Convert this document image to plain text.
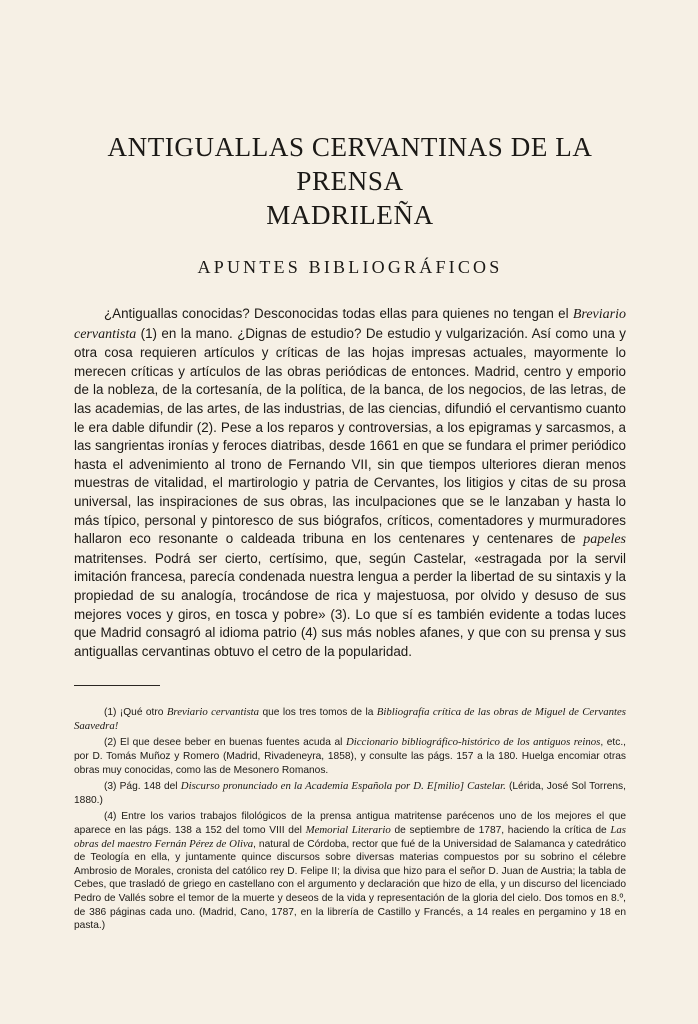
ANTIGUALLAS CERVANTINAS DE LA PRENSA
MADRILEÑA
APUNTES BIBLIOGRÁFICOS

¿Antiguallas conocidas? Desconocidas todas ellas para quienes no tengan el Breviario cervantista (1) en la mano. ¿Dignas de estudio? De estudio y vulgarización. Así como una y otra cosa requieren artículos y críticas de las hojas impresas actuales, mayormente lo merecen críticas y artículos de las obras periódicas de entonces. Madrid, centro y emporio de la nobleza, de la cortesanía, de la política, de la banca, de los negocios, de las letras, de las academias, de las artes, de las industrias, de las ciencias, difundió el cervantismo cuanto le era dable difundir (2). Pese a los reparos y controversias, a los epigramas y sarcasmos, a las sangrientas ironías y feroces diatribas, desde 1661 en que se fundara el primer periódico hasta el advenimiento al trono de Fernando VII, sin que tiempos ulteriores dieran menos muestras de vitalidad, el martirologio y patria de Cervantes, los litigios y citas de su prosa universal, las inspiraciones de sus obras, las inculpaciones que se le lanzaban y hasta lo más típico, personal y pintoresco de sus biógrafos, críticos, comentadores y murmuradores hallaron eco resonante o caldeada tribuna en los centenares y centenares de papeles matritenses. Podrá ser cierto, certísimo, que, según Castelar, «estragada por la servil imitación francesa, parecía condenada nuestra lengua a perder la libertad de su sintaxis y la propiedad de su analogía, trocándose de rica y majestuosa, por olvido y desuso de sus mejores voces y giros, en tosca y pobre» (3). Lo que sí es también evidente a todas luces que Madrid consagró al idioma patrio (4) sus más nobles afanes, y que con su prensa y sus antiguallas cervantinas obtuvo el cetro de la popularidad.

(1) ¡Qué otro Breviario cervantista que los tres tomos de la Bibliografía crítica de las obras de Miguel de Cervantes Saavedra!

(2) El que desee beber en buenas fuentes acuda al Diccionario bibliográfico-histórico de los antiguos reinos, etc., por D. Tomás Muñoz y Romero (Madrid, Rivadeneyra, 1858), y consulte las págs. 157 a la 180. Huelga encomiar otras obras muy conocidas, como las de Mesonero Romanos.

(3) Pág. 148 del Discurso pronunciado en la Academia Española por D. E[milio] Castelar. (Lérida, José Sol Torrens, 1880.)

(4) Entre los varios trabajos filológicos de la prensa antigua matritense parécenos uno de los mejores el que aparece en las págs. 138 a 152 del tomo VIII del Memorial Literario de septiembre de 1787, haciendo la crítica de Las obras del maestro Fernán Pérez de Oliva, natural de Córdoba, rector que fué de la Universidad de Salamanca y catedrático de Teología en ella, y juntamente quince discursos sobre diversas materias compuestos por su sobrino el célebre Ambrosio de Morales, cronista del católico rey D. Felipe II; la divisa que hizo para el señor D. Juan de Austria; la tabla de Cebes, que trasladó de griego en castellano con el argumento y declaración que hizo de ella, y un discurso del licenciado Pedro de Vallés sobre el temor de la muerte y deseos de la vida y representación de la gloria del cielo. Dos tomos en 8.º, de 386 páginas cada uno. (Madrid, Cano, 1787, en la librería de Castillo y Francés, a 14 reales en pergamino y 18 en pasta.)
